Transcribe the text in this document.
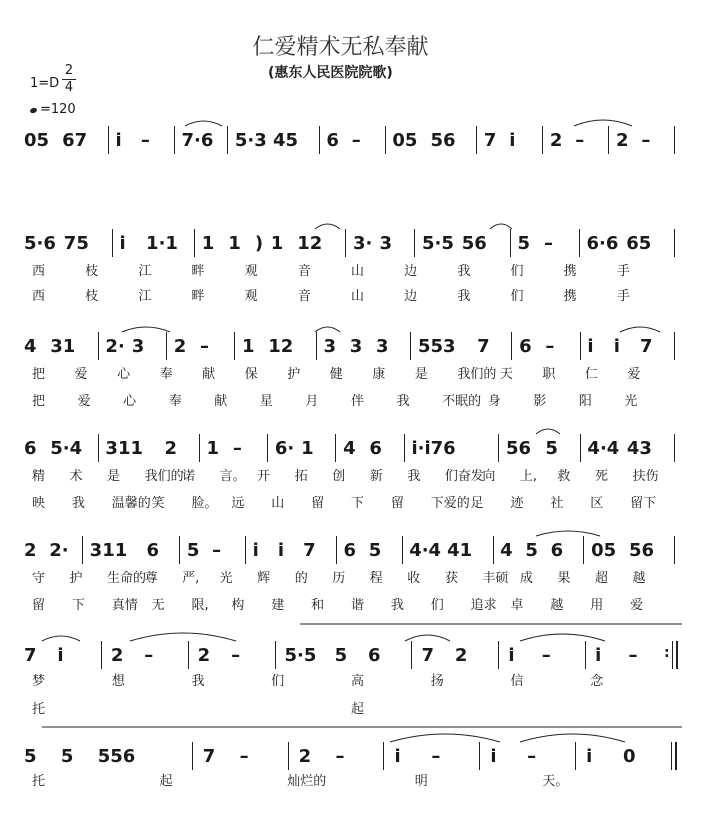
仁爱精术无私奉献
(惠东人民医院院歌)
1=D
2
4
=120
05 67 i – 7·6 5·3 45 6 – 05 56 7 i 2 – 2 –
5·6 75 i 1·1 1 1 ) 1 12 3· 3 5·5 56 5 – 6·6 65
西	枝	江	畔	观	音	山	边	我	们	携	手
西	枝	江	畔	观	音	山	边	我	们	携	手
4 31 2· 3 2 – 1 12 3 3 3 553 7 6 – i i 7
把 爱 心 奉 献 保 护 健 康 是 我们的 天 职 仁 爱
把	爱	心	奉	献	星	月	伴	我	不眠的 身	影	阳	光
6 5·4 311 2 1 – 6· 1 4 6 i·i76	56 5 4·4 43
精 术 是 我们的
诺 言。 开 拓 创 新 我 们奋发
向 上, 救 死 扶伤
映 我 温馨的 笑 脸。 远 山 留 下 留 下爱的 足 迹 社 区 留下
2 2· 311 6 5 – i i 7 6 5 4·4 41 4 5 6 05 56
守 护 生命的
尊 严, 光 辉 的 历 程 收 获 丰硕 成 果 超 越
留 下 真情 无 限, 构 建 和 谐 我 们 追求 卓 越 用 爱
7 i	2 – 2 – 5·5 5 6 7 2 i – i – :
梦	想	我	们	高	扬	信	念
托	起
5 5 556	7 –	2 –	i –	i –	i 0
托	起	灿烂的	明	天。
